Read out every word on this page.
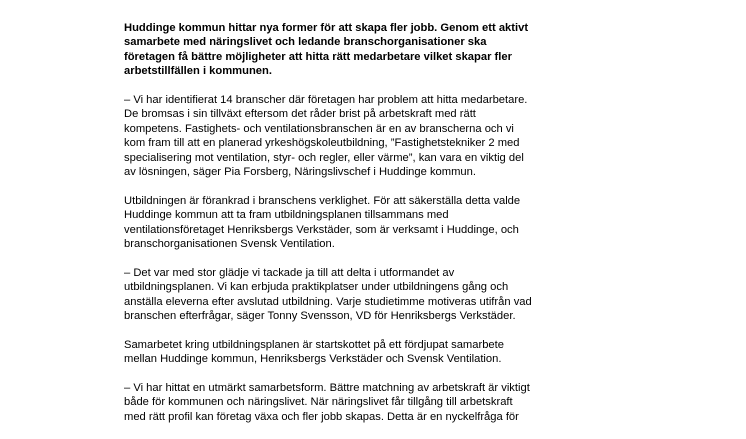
Huddinge kommun hittar nya former för att skapa fler jobb. Genom ett aktivt
samarbete med näringslivet och ledande branschorganisationer ska
företagen få bättre möjligheter att hitta rätt medarbetare vilket skapar fler
arbetstillfällen i kommunen.

– Vi har identifierat 14 branscher där företagen har problem att hitta medarbetare.
De bromsas i sin tillväxt eftersom det råder brist på arbetskraft med rätt
kompetens. Fastighets- och ventilationsbranschen är en av branscherna och vi
kom fram till att en planerad yrkeshögskoleutbildning, ”Fastighetstekniker 2 med
specialisering mot ventilation, styr- och regler, eller värme”, kan vara en viktig del
av lösningen, säger Pia Forsberg, Näringslivschef i Huddinge kommun.

Utbildningen är förankrad i branschens verklighet. För att säkerställa detta valde
Huddinge kommun att ta fram utbildningsplanen tillsammans med
ventilationsföretaget Henriksbergs Verkstäder, som är verksamt i Huddinge, och
branschorganisationen Svensk Ventilation.

– Det var med stor glädje vi tackade ja till att delta i utformandet av
utbildningsplanen. Vi kan erbjuda praktikplatser under utbildningens gång och
anställa eleverna efter avslutad utbildning. Varje studietimme motiveras utifrån vad
branschen efterfrågar, säger Tonny Svensson, VD för Henriksbergs Verkstäder.

Samarbetet kring utbildningsplanen är startskottet på ett fördjupat samarbete
mellan Huddinge kommun, Henriksbergs Verkstäder och Svensk Ventilation.

– Vi har hittat en utmärkt samarbetsform. Bättre matchning av arbetskraft är viktigt
både för kommunen och näringslivet. När näringslivet får tillgång till arbetskraft
med rätt profil kan företag växa och fler jobb skapas. Detta är en nyckelfråga för
